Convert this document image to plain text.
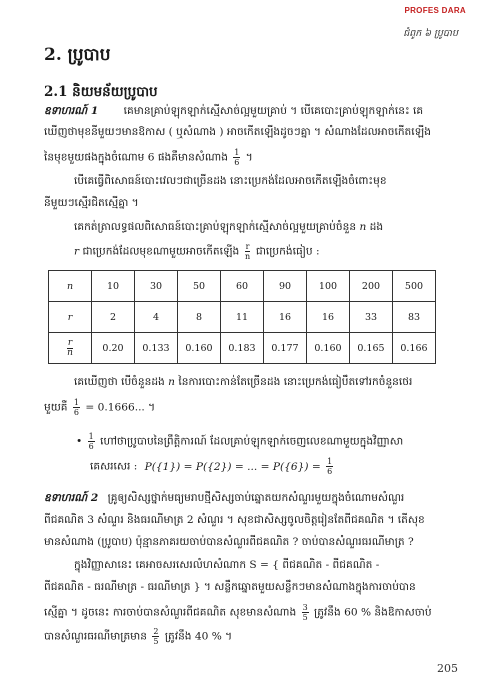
PROFES DARA
ជំពូក ៦ ប្រូបាប
2. ប្រូបាប
2.1 និយមន័យប្រូបាប
ឧទាហរណ៍ 1 គេមានគ្រាប់ឡុកឡាក់ស្មើសាច់ល្អមួយគ្រាប់ ។ បើគេបោះគ្រាប់ឡុកឡាក់នេះ គេ
ឃើញថាមុខនីមួយៗមានឱកាស ( ឬសំណាង ) អាចកើតឡើងដូចៗគ្នា ។ សំណាងដែលអាចកើតឡើង
នៃមុខមួយផងក្នុងចំណោម 6 ផងគឺមានសំណាង $\frac{1}{6}$ ។
បើគេធ្វើពិសោធន៍បោះវេលៗជាច្រើនដង នោះប្រេកង់ដែលអាចកើតឡើងចំពោះមុខ
នីមួយៗស្មើរជិតស្មើគ្នា ។
គេកត់ត្រាលទ្ធផលពិសោធន៍បោះគ្រាប់ឡុកឡាក់ស្មើសាច់ល្អមួយគ្រាប់ចំនួន n ដង
r ជាប្រេកង់ដែលមុខណាមួយអាចកើតឡើង $\frac{r}{n}$ ជាប្រេកង់ធៀប :
n	10	30	50	60	90	100	200	500
r	2	4	8	11	16	16	33	83

$\frac{r}{n}$	0.20	0.133	0.160	0.183	0.177	0.160	0.165	0.166
គេឃើញថា បើចំនួនដង n នៃការបោះកាន់តែច្រើនដង នោះប្រេកង់ធៀបឹតទៅរកចំនួនថេរ
មួយគឺ $\frac{1}{6} = 0.1666$... ។
• $\frac{1}{6}$ ហៅថាប្រូបាបនៃព្រឹត្តិការណ៍ ដែលគ្រាប់ឡុកឡាក់ចេញលេខណាមួយក្នុងវិញ្ញាសា
គេសរសេរ : P({1}) = P({2}) = ... = $P(\{6\}) = \frac{1}{6}$
ឧទាហរណ៍ 2 គ្រូឲ្យសិស្សថ្នាក់មធ្យមរាបថ្មីសិស្សចាប់ឆ្នោតយកសំណួរមួយក្នុងចំណោមសំណួរ
ពីជគណិត 3 សំណួរ និងធរណីមាត្រ 2 សំណួរ ។ សុខជាសិស្សចូលចិត្តរៀនតែពីជគណិត ។ តើសុខ
មានសំណាង (ប្រូបាប) ប៉ុន្មានភាគរយចាប់បានសំណួរពីជគណិត ? ចាប់បានសំណួរធរណីមាត្រ ?
ក្នុងវិញ្ញាសានេះ គេអាចសរសេរលំហសំណាក S = { ពីជគណិត - ពីជគណិត -
ពីជគណិត - ធរណីមាត្រ - ធរណីមាត្រ } ។ សន្លឹកឆ្នោតមួយសន្លឹកៗមានសំណាងក្នុងការចាប់បាន
ស្មើគ្នា ។ ដូចនេះ ការចាប់បានសំណួរពីជគណិត សុខមានសំណាង $\frac{3}{5}$ ត្រូវនឹង 60 % និងឱកាសចាប់
បានសំណួរធរណីមាត្រមាន $\frac{2}{5}$ ត្រូវនឹង 40 % ។
205
